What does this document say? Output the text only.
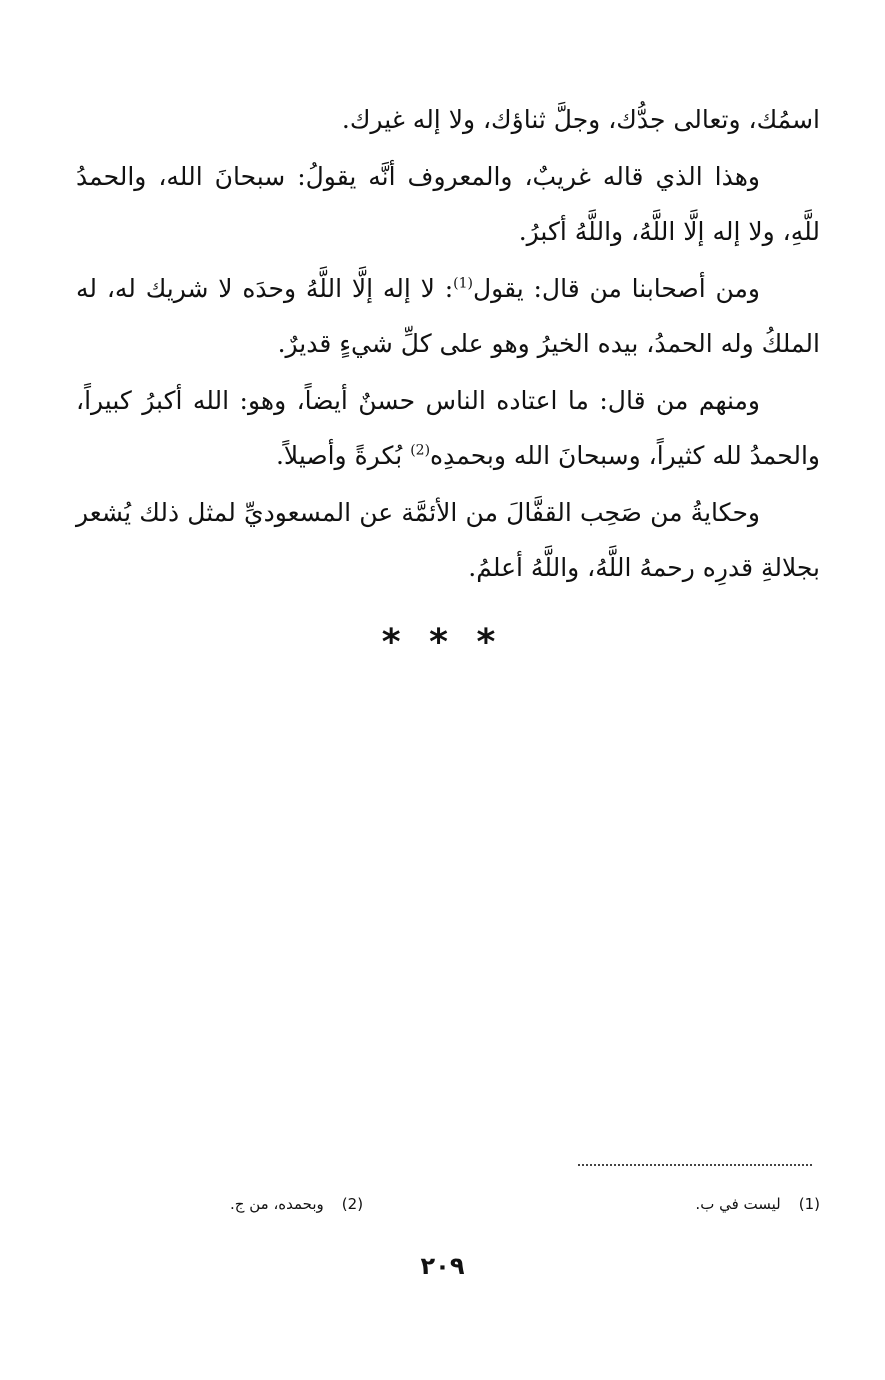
اسمُك، وتعالى جدُّك، وجلَّ ثناؤك، ولا إله غيرك.

وهذا الذي قاله غريبٌ، والمعروف أنَّه يقولُ: سبحانَ الله، والحمدُ للَّهِ، ولا إله إلَّا اللَّهُ، واللَّهُ أكبرُ.

ومن أصحابنا من قال: يقول$^{(1)}$: لا إله إلَّا اللَّهُ وحدَه لا شريك له، له الملكُ وله الحمدُ، بيده الخيرُ وهو على كلِّ شيءٍ قديرٌ.

ومنهم من قال: ما اعتاده الناس حسنٌ أيضاً، وهو: الله أكبرُ كبيراً، والحمدُ لله كثيراً، وسبحانَ الله وبحمدِه$^{(2)}$ بُكرةً وأصيلاً.

وحكايةُ من صَحِب القفَّالَ من الأئمَّة عن المسعوديِّ لمثل ذلك يُشعر بجلالةِ قدرِه رحمهُ اللَّهُ، واللَّهُ أعلمُ.

* * *
(1)
ليست في ب.
(2)
وبحمده، من ج.
٢٠٩
